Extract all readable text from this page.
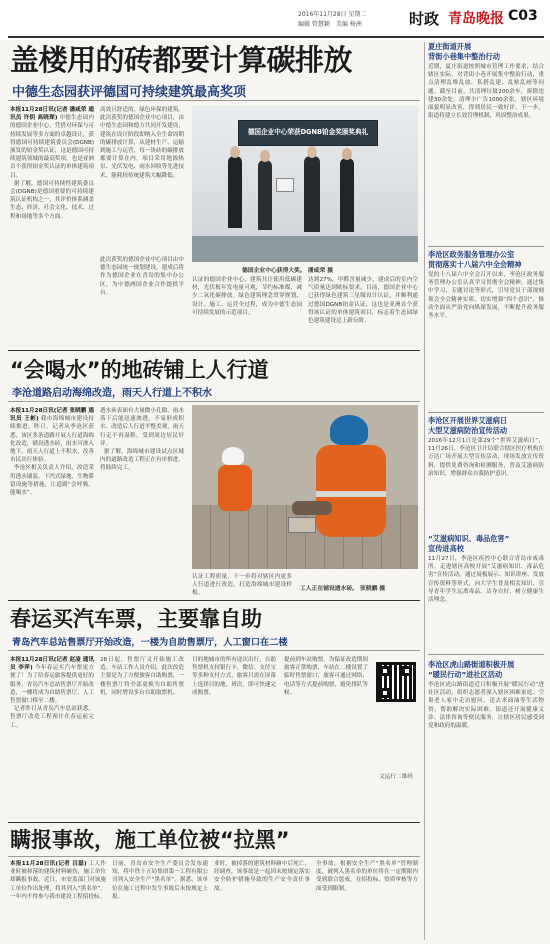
2016年11月28日 星期二
编辑 管慧颖 美编 杨洲	时政 青岛晚报 C03
盖楼用的砖都要计算碳排放
中德生态园获评德国可持续建筑最高奖项
本报11月28日讯(记者 潘咸荣 通讯员 许钥 高晓琛) 中德生态园内的德国企业中心，凭借对环保与可持续发展等多方面的卓越设计，获得德国可持续建筑委员会(DGNB)颁发的铂金奖认证，这是德国可持续建筑领域的最高奖项，也是亚洲首个获得铂金奖认证的单体建筑项目。
据了解，德国可持续性建筑委员会(DGNB)是德国重要的可持续建筑认证机构之一，其评价体系涵盖生态、经济、社会文化、技术、过程和场地等多个方面。
高效且舒适的、绿色环保的建筑。此次获奖的德国企业中心项目，由中德生态园和德方共同开发建设，建筑在设计阶段即纳入全生命周期的碳排放计算，从建材生产、运输到施工与运营，每一块砖的碳排放都要计算在内。项目采用地源热泵、光伏发电、雨水回收等先进技术，能耗较传统建筑大幅降低。
德国企业中心荣获DGNB铂金奖颁奖典礼
德国企业中心获得大奖。 潘咸荣 摄
认证的德国企业中心，建筑共计使用低碳建材，光伏板年发电量可观，节约标准煤，减少二氧化碳排放。绿色建筑理念贯穿规划、设计、施工、运营全过程，成为中德生态园可持续发展的示范项目。
达到27%，甲醛含量减少，建成后的室内空气质量达到欧标要求。目前，德国企业中心已获得绿色建筑三星级设计认证，并顺利通过德国DGNB铂金认证，这也是亚洲首个获得该认证的单体建筑项目，标志着生态园绿色建筑建设迈上新台阶。
此次获奖的德国企业中心项目由中德生态园统一规划建设，建成后将作为德国企业在青岛的集中办公区，为中德两国企业合作提供平台。
“会喝水”的地砖铺上人行道
李沧道路启动海绵改造，雨天人行道上不积水
本报11月28日讯(记者 张晓鹏 通讯员 王彬) 我市海绵城市建设持续推进。昨日，记者从李沧区获悉，该区多条道路开展人行道海绵化改造，铺设透水砖，雨水可渗入地下，雨天人行道上不积水，改善市民出行体验。
李沧区相关负责人介绍，改造采用透水铺装、下凹式绿地、生物滞留设施等措施，让道路“会呼吸、能喝水”。
透水砖表面有大量微小孔隙，雨水落下后能迅速渗透，不易形成积水。改造后人行道平整美观，雨天行走不再湿鞋，受到周边居民好评。
据了解，海绵城市建设试点区域内的道路改造工程正在有序推进，将陆续完工。
工人正在铺设透水砖。 张晓鹏 摄
认证工程质量，下一步将对辖区内更多人行道进行改造，打造海绵城市建设样板。
春运买汽车票，主要靠自助
青岛汽车总站售票厅开始改造，一楼为自助售票厅，人工窗口在二楼
本报11月28日讯(记者 赵凌 通讯员 李萍) 今年春运买汽车票更方便了！为了给春运旅客提供更好的服务，青岛汽车总站售票厅开始改造，一楼将成为自助售票厅，人工售票窗口移至二楼。
记者昨日从青岛汽车总站获悉，售票厅改造工程预计在春运前完工。
28日起，售票厅又开始施工改造。车站工作人员介绍，此次改造主要是为了方便旅客自助购票，一楼售票厅将全部更换为自助售票机，同时增设多台自助取票机。
目的地城市的所有途次出行，自助售票机支持银行卡、微信、支付宝等多种支付方式，旅客只需在屏幕上选择目的地、班次，即可快速完成购票。
提前到车站购票。为保证改造期间旅客正常购票，车站在二楼设置了临时售票窗口，旅客可通过网络、电话等方式提前购票，避免排队等候。
文运行二维码
瞒报事故，施工单位被“拉黑”
本报11月28日讯(记者 吕磊) 工人作业时被掉落的建筑材料砸伤，施工单位却瞒报事故。近日，市安监部门对该施工单位作出处理，将其列入“黑名单”，一年内不得参与我市建设工程招投标。
日前，青岛市安全生产委员会发布通知，将中铁十五局集团第一工程有限公司列入安全生产“黑名单”。据悉，该单位在施工过程中发生事故后未按规定上报。
业时，被掉落的建筑材料砸中后死亡，经调查，该事故是一起因未按规定落实安全防护措施导致的生产安全责任事故。
全事故。根据安全生产“黑名单”管理制度，被列入黑名单的单位将在一定期限内受到联合惩戒，在招投标、资质审核等方面受到限制。
夏庄街道开展
背街小巷集中整治行动
近期，夏庄街道按照城市管理工作要求，结合辖区实际，对背街小巷开展集中整治行动，重点清理乱堆乱放、私搭乱建、乱贴乱画等问题。截至目前，共清理垃圾200余车，拆除违建30余处，清理小广告1000余张，辖区环境面貌明显改善，得到居民一致好评。下一步，街道将建立长效管理机制，巩固整治成果。
李沧区政务服务管理办公室
贯彻落实十八届六中全会精神
党的十八届六中全会召开以来，李沧区政务服务管理办公室认真学习贯彻全会精神，通过集中学习、专题讨论等形式，引导党员干部深刻领会全会精神实质，切实增强“四个意识”，推动全面从严治党向纵深发展，不断提升政务服务水平。
李沧区开展世界艾滋病日
大型艾滋病防治宣传活动
2016年12月1日是第29个“世界艾滋病日”，11月26日，李沧区卫计局联合辖区医疗机构在万达广场开展大型宣传活动，现场发放宣传资料，提供免费咨询和检测服务，普及艾滋病防治知识，增强群众自我防护意识。
“艾滋病知识、毒品危害”
宣传进高校
11月27日，李沧区疾控中心联合青岛市戒毒所，走进辖区高校开展“艾滋病知识、毒品危害”宣传活动。通过展板展示、知识讲座、发放宣传资料等形式，向大学生普及相关知识，引导青年学生远离毒品、洁身自好，树立健康生活理念。
李沧区虎山路街道积极开展
“暖民行动”进社区活动
李沧区虎山路街道近日积极开展“暖民行动”进社区活动，组织志愿者深入辖区困难家庭、空巢老人家中走访慰问，送去米面油等生活物资，帮助解决实际困难。街道还开展健康义诊、法律咨询等便民服务，让辖区居民感受到党和政府的温暖。
